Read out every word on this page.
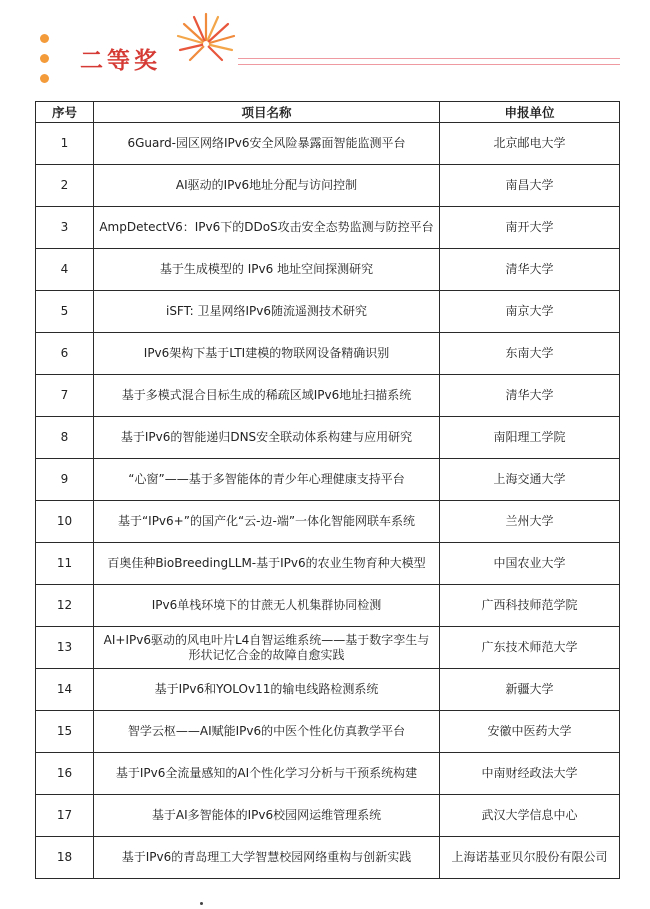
二等奖
序号	项目名称	申报单位
1	6Guard-园区网络IPv6安全风险暴露面智能监测平台	北京邮电大学
2	AI驱动的IPv6地址分配与访问控制	南昌大学
3	AmpDetectV6：IPv6下的DDoS攻击安全态势监测与防控平台	南开大学
4	基于生成模型的 IPv6 地址空间探测研究	清华大学
5	iSFT: 卫星网络IPv6随流遥测技术研究	南京大学
6	IPv6架构下基于LTI建模的物联网设备精确识别	东南大学
7	基于多模式混合目标生成的稀疏区域IPv6地址扫描系统	清华大学
8	基于IPv6的智能递归DNS安全联动体系构建与应用研究	南阳理工学院
9	“心窗”——基于多智能体的青少年心理健康支持平台	上海交通大学
10	基于“IPv6+”的国产化“云-边-端”一体化智能网联车系统	兰州大学
11	百奥佳种BioBreedingLLM-基于IPv6的农业生物育种大模型	中国农业大学
12	IPv6单栈环境下的甘蔗无人机集群协同检测	广西科技师范学院
13	AI+IPv6驱动的风电叶片L4自智运维系统——基于数字孪生与形状记忆合金的故障自愈实践	广东技术师范大学
14	基于IPv6和YOLOv11的输电线路检测系统	新疆大学
15	智学云枢——AI赋能IPv6的中医个性化仿真教学平台	安徽中医药大学
16	基于IPv6全流量感知的AI个性化学习分析与干预系统构建	中南财经政法大学
17	基于AI多智能体的IPv6校园网运维管理系统	武汉大学信息中心
18	基于IPv6的青岛理工大学智慧校园网络重构与创新实践	上海诺基亚贝尔股份有限公司
